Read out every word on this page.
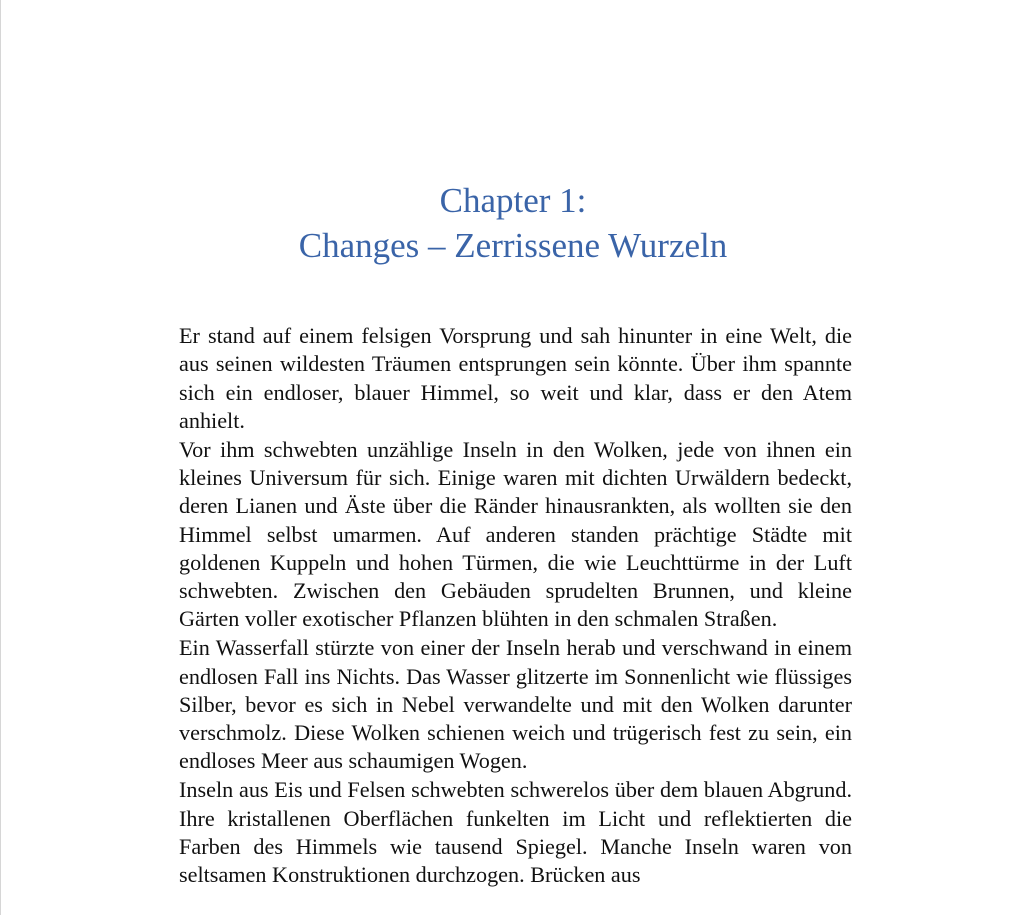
Chapter 1:
Changes – Zerrissene Wurzeln

Er stand auf einem felsigen Vorsprung und sah hinunter in eine Welt, die aus seinen wildesten Träumen entsprungen sein könnte. Über ihm spannte sich ein endloser, blauer Himmel, so weit und klar, dass er den Atem anhielt.

Vor ihm schwebten unzählige Inseln in den Wolken, jede von ihnen ein kleines Universum für sich. Einige waren mit dichten Urwäldern bedeckt, deren Lianen und Äste über die Ränder hinausrankten, als wollten sie den Himmel selbst umarmen. Auf anderen standen prächtige Städte mit goldenen Kuppeln und hohen Türmen, die wie Leuchttürme in der Luft schwebten. Zwischen den Gebäuden sprudelten Brunnen, und kleine Gärten voller exotischer Pflanzen blühten in den schmalen Straßen.

Ein Wasserfall stürzte von einer der Inseln herab und verschwand in einem endlosen Fall ins Nichts. Das Wasser glitzerte im Sonnenlicht wie flüssiges Silber, bevor es sich in Nebel verwandelte und mit den Wolken darunter verschmolz. Diese Wolken schienen weich und trügerisch fest zu sein, ein endloses Meer aus schaumigen Wogen.

Inseln aus Eis und Felsen schwebten schwerelos über dem blauen Abgrund. Ihre kristallenen Oberflächen funkelten im Licht und reflektierten die Farben des Himmels wie tausend Spiegel. Manche Inseln waren von seltsamen Konstruktionen durchzogen. Brücken aus
